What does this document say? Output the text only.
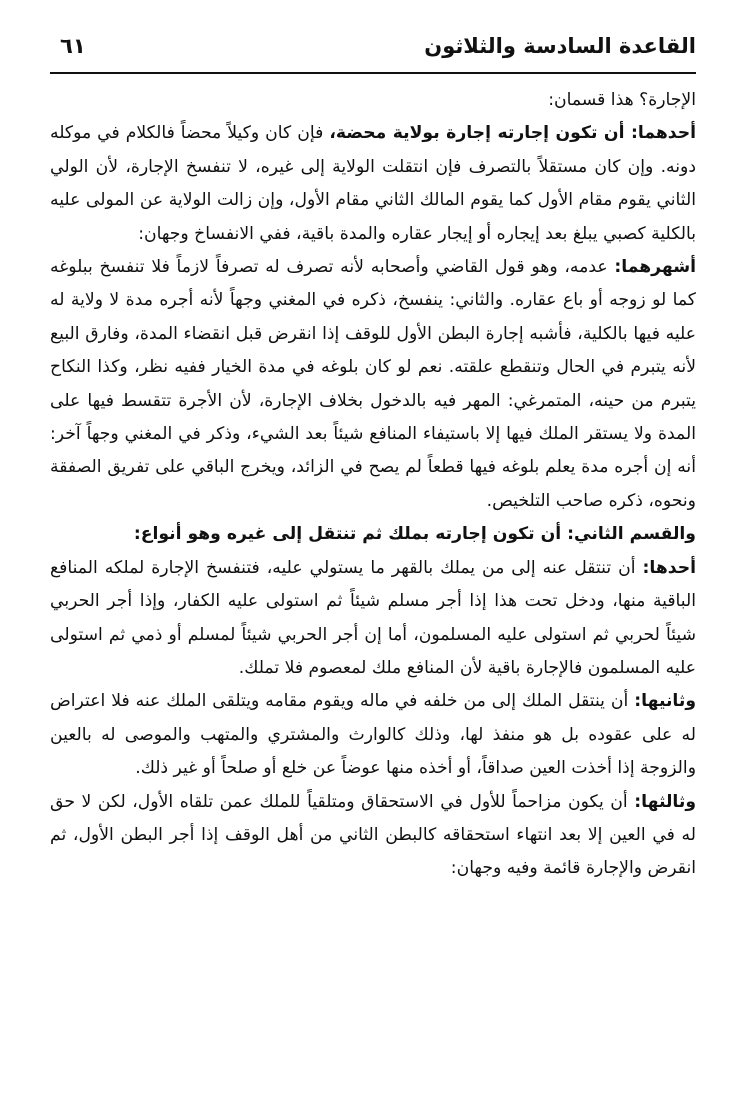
القاعدة السادسة والثلاثون
٦١

الإجارة؟ هذا قسمان:

أحدهما: أن تكون إجارته إجارة بولاية محضة، فإن كان وكيلاً محضاً فالكلام في موكله دونه. وإن كان مستقلاً بالتصرف فإن انتقلت الولاية إلى غيره، لا تنفسخ الإجارة، لأن الولي الثاني يقوم مقام الأول كما يقوم المالك الثاني مقام الأول، وإن زالت الولاية عن المولى عليه بالكلية كصبي يبلغ بعد إيجاره أو إيجار عقاره والمدة باقية، ففي الانفساخ وجهان:

أشهرهما: عدمه، وهو قول القاضي وأصحابه لأنه تصرف له تصرفاً لازماً فلا تنفسخ ببلوغه كما لو زوجه أو باع عقاره. والثاني: ينفسخ، ذكره في المغني وجهاً لأنه أجره مدة لا ولاية له عليه فيها بالكلية، فأشبه إجارة البطن الأول للوقف إذا انقرض قبل انقضاء المدة، وفارق البيع لأنه يتبرم في الحال وتنقطع علقته. نعم لو كان بلوغه في مدة الخيار ففيه نظر، وكذا النكاح يتبرم من حينه، المتمرغي: المهر فيه بالدخول بخلاف الإجارة، لأن الأجرة تتقسط فيها على المدة ولا يستقر الملك فيها إلا باستيفاء المنافع شيئاً بعد الشيء، وذكر في المغني وجهاً آخر: أنه إن أجره مدة يعلم بلوغه فيها قطعاً لم يصح في الزائد، ويخرج الباقي على تفريق الصفقة ونحوه، ذكره صاحب التلخيص.

والقسم الثاني: أن تكون إجارته بملك ثم تنتقل إلى غيره وهو أنواع:

أحدها: أن تنتقل عنه إلى من يملك بالقهر ما يستولي عليه، فتنفسخ الإجارة لملكه المنافع الباقية منها، ودخل تحت هذا إذا أجر مسلم شيئاً ثم استولى عليه الكفار، وإذا أجر الحربي شيئاً لحربي ثم استولى عليه المسلمون، أما إن أجر الحربي شيئاً لمسلم أو ذمي ثم استولى عليه المسلمون فالإجارة باقية لأن المنافع ملك لمعصوم فلا تملك.

وثانيها: أن ينتقل الملك إلى من خلفه في ماله ويقوم مقامه ويتلقى الملك عنه فلا اعتراض له على عقوده بل هو منفذ لها، وذلك كالوارث والمشتري والمتهب والموصى له بالعين والزوجة إذا أخذت العين صداقاً، أو أخذه منها عوضاً عن خلع أو صلحاً أو غير ذلك.

وثالثها: أن يكون مزاحماً للأول في الاستحقاق ومتلقياً للملك عمن تلقاه الأول، لكن لا حق له في العين إلا بعد انتهاء استحقاقه كالبطن الثاني من أهل الوقف إذا أجر البطن الأول، ثم انقرض والإجارة قائمة وفيه وجهان:
